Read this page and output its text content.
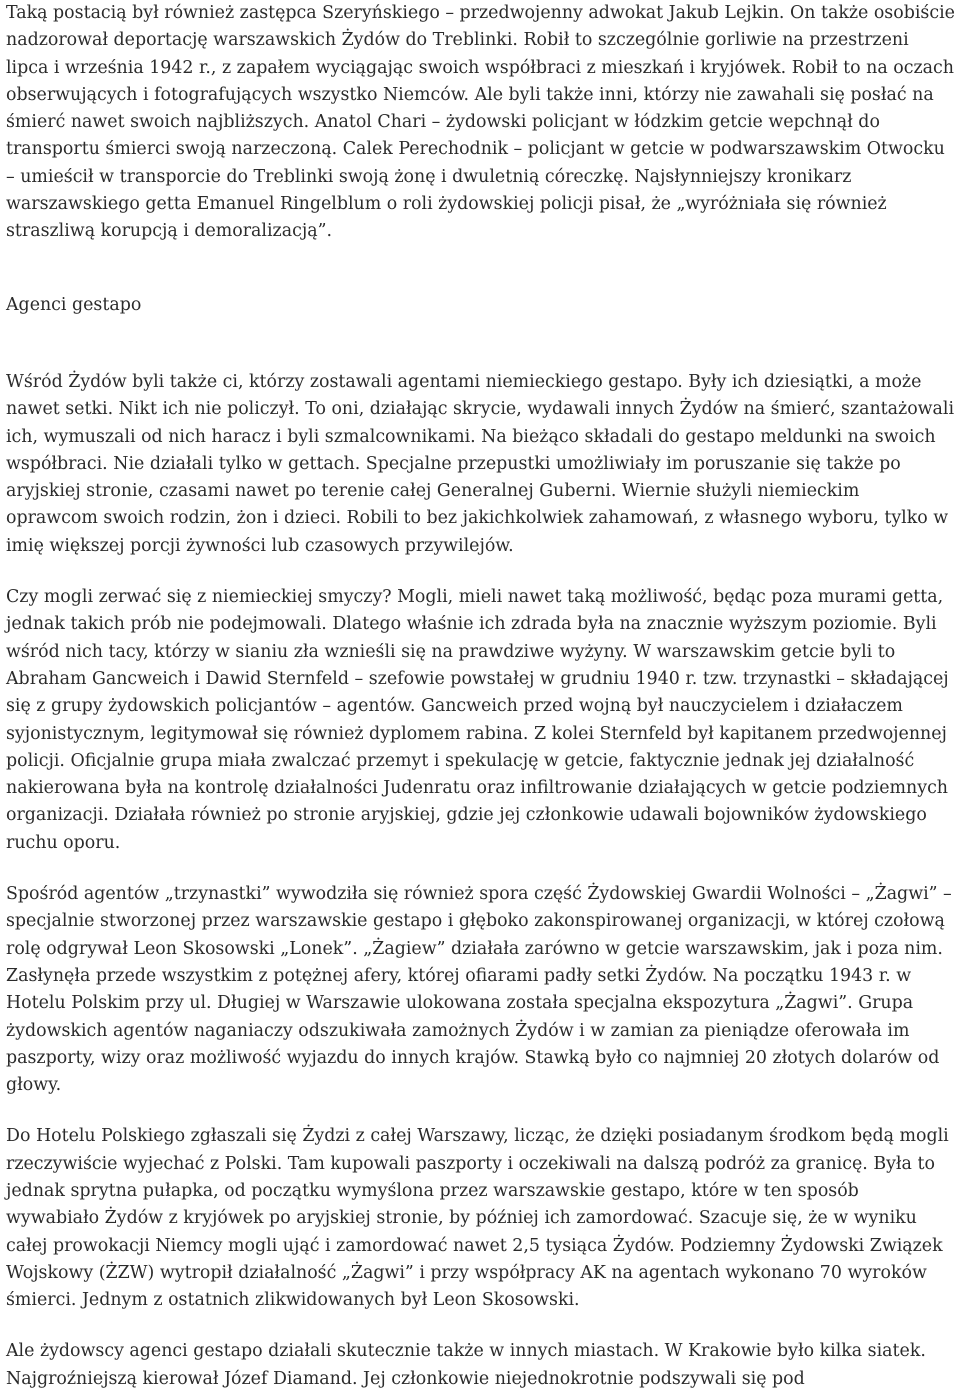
Taką postacią był również zastępca Szeryńskiego – przedwojenny adwokat Jakub Lejkin. On także osobiście nadzorował deportację warszawskich Żydów do Treblinki. Robił to szczególnie gorliwie na przestrzeni lipca i września 1942 r., z zapałem wyciągając swoich współbraci z mieszkań i kryjówek. Robił to na oczach obserwujących i fotografujących wszystko Niemców. Ale byli także inni, którzy nie zawahali się posłać na śmierć nawet swoich najbliższych. Anatol Chari – żydowski policjant w łódzkim getcie wepchnął do transportu śmierci swoją narzeczoną. Calek Perechodnik – policjant w getcie w podwarszawskim Otwocku – umieścił w transporcie do Treblinki swoją żonę i dwuletnią córeczkę. Najsłynniejszy kronikarz warszawskiego getta Emanuel Ringelblum o roli żydowskiej policji pisał, że „wyróżniała się również straszliwą korupcją i demoralizacją”.

Agenci gestapo

Wśród Żydów byli także ci, którzy zostawali agentami niemieckiego gestapo. Były ich dziesiątki, a może nawet setki. Nikt ich nie policzył. To oni, działając skrycie, wydawali innych Żydów na śmierć, szantażowali ich, wymuszali od nich haracz i byli szmalcownikami. Na bieżąco składali do gestapo meldunki na swoich współbraci. Nie działali tylko w gettach. Specjalne przepustki umożliwiały im poruszanie się także po aryjskiej stronie, czasami nawet po terenie całej Generalnej Guberni. Wiernie służyli niemieckim oprawcom swoich rodzin, żon i dzieci. Robili to bez jakichkolwiek zahamowań, z własnego wyboru, tylko w imię większej porcji żywności lub czasowych przywilejów.

Czy mogli zerwać się z niemieckiej smyczy? Mogli, mieli nawet taką możliwość, będąc poza murami getta, jednak takich prób nie podejmowali. Dlatego właśnie ich zdrada była na znacznie wyższym poziomie. Byli wśród nich tacy, którzy w sianiu zła wznieśli się na prawdziwe wyżyny. W warszawskim getcie byli to Abraham Gancweich i Dawid Sternfeld – szefowie powstałej w grudniu 1940 r. tzw. trzynastki – składającej się z grupy żydowskich policjantów – agentów. Gancweich przed wojną był nauczycielem i działaczem syjonistycznym, legitymował się również dyplomem rabina. Z kolei Sternfeld był kapitanem przedwojennej policji. Oficjalnie grupa miała zwalczać przemyt i spekulację w getcie, faktycznie jednak jej działalność nakierowana była na kontrolę działalności Judenratu oraz infiltrowanie działających w getcie podziemnych organizacji. Działała również po stronie aryjskiej, gdzie jej członkowie udawali bojowników żydowskiego ruchu oporu.

Spośród agentów „trzynastki” wywodziła się również spora część Żydowskiej Gwardii Wolności – „Żagwi” – specjalnie stworzonej przez warszawskie gestapo i głęboko zakonspirowanej organizacji, w której czołową rolę odgrywał Leon Skosowski „Lonek”. „Żagiew” działała zarówno w getcie warszawskim, jak i poza nim. Zasłynęła przede wszystkim z potężnej afery, której ofiarami padły setki Żydów. Na początku 1943 r. w Hotelu Polskim przy ul. Długiej w Warszawie ulokowana została specjalna ekspozytura „Żagwi”. Grupa żydowskich agentów naganiaczy odszukiwała zamożnych Żydów i w zamian za pieniądze oferowała im paszporty, wizy oraz możliwość wyjazdu do innych krajów. Stawką było co najmniej 20 złotych dolarów od głowy.

Do Hotelu Polskiego zgłaszali się Żydzi z całej Warszawy, licząc, że dzięki posiadanym środkom będą mogli rzeczywiście wyjechać z Polski. Tam kupowali paszporty i oczekiwali na dalszą podróż za granicę. Była to jednak sprytna pułapka, od początku wymyślona przez warszawskie gestapo, które w ten sposób wywabiało Żydów z kryjówek po aryjskiej stronie, by później ich zamordować. Szacuje się, że w wyniku całej prowokacji Niemcy mogli ująć i zamordować nawet 2,5 tysiąca Żydów. Podziemny Żydowski Związek Wojskowy (ŻZW) wytropił działalność „Żagwi” i przy współpracy AK na agentach wykonano 70 wyroków śmierci. Jednym z ostatnich zlikwidowanych był Leon Skosowski.

Ale żydowscy agenci gestapo działali skutecznie także w innych miastach. W Krakowie było kilka siatek. Najgroźniejszą kierował Józef Diamand. Jej członkowie niejednokrotnie podszywali się pod
